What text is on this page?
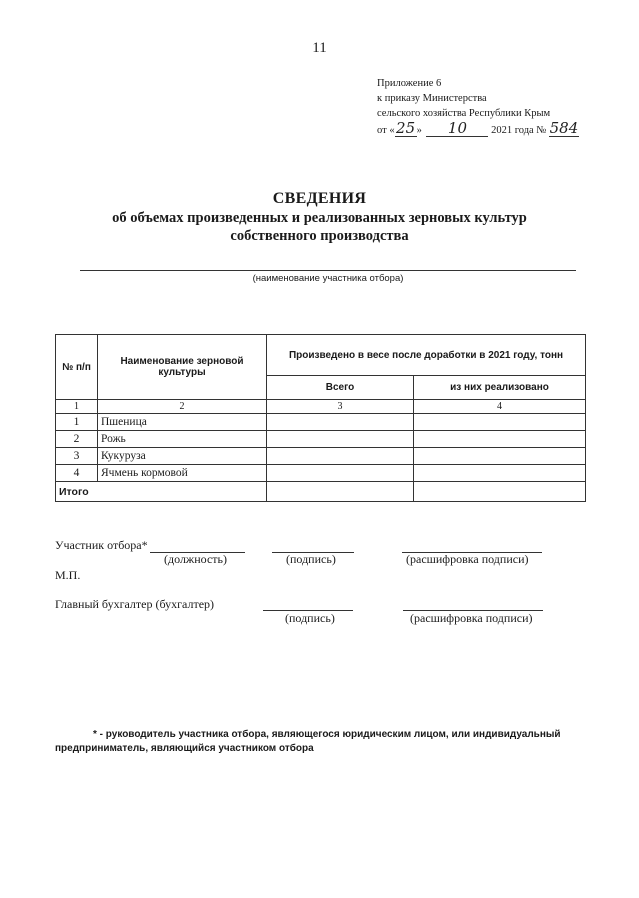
11
Приложение 6
к приказу Министерства
сельского хозяйства Республики Крым
от «25» 10 2021 года № 584
СВЕДЕНИЯ
об объемах произведенных и реализованных зерновых культур
собственного производства
(наименование участника отбора)
№ п/п	Наименование зерновой культуры	Произведено в весе после доработки в 2021 году, тонн	
		Всего	из них реализовано
1	2	3	4
1	Пшеница		
2	Рожь		
3	Кукуруза		
4	Ячмень кормовой		
Итого			
Участник отбора*
(должность)	(подпись)	(расшифровка подписи)
М.П.
Главный бухгалтер (бухгалтер)
(подпись)	(расшифровка подписи)
* - руководитель участника отбора, являющегося юридическим лицом, или индивидуальный предприниматель, являющийся участником отбора
